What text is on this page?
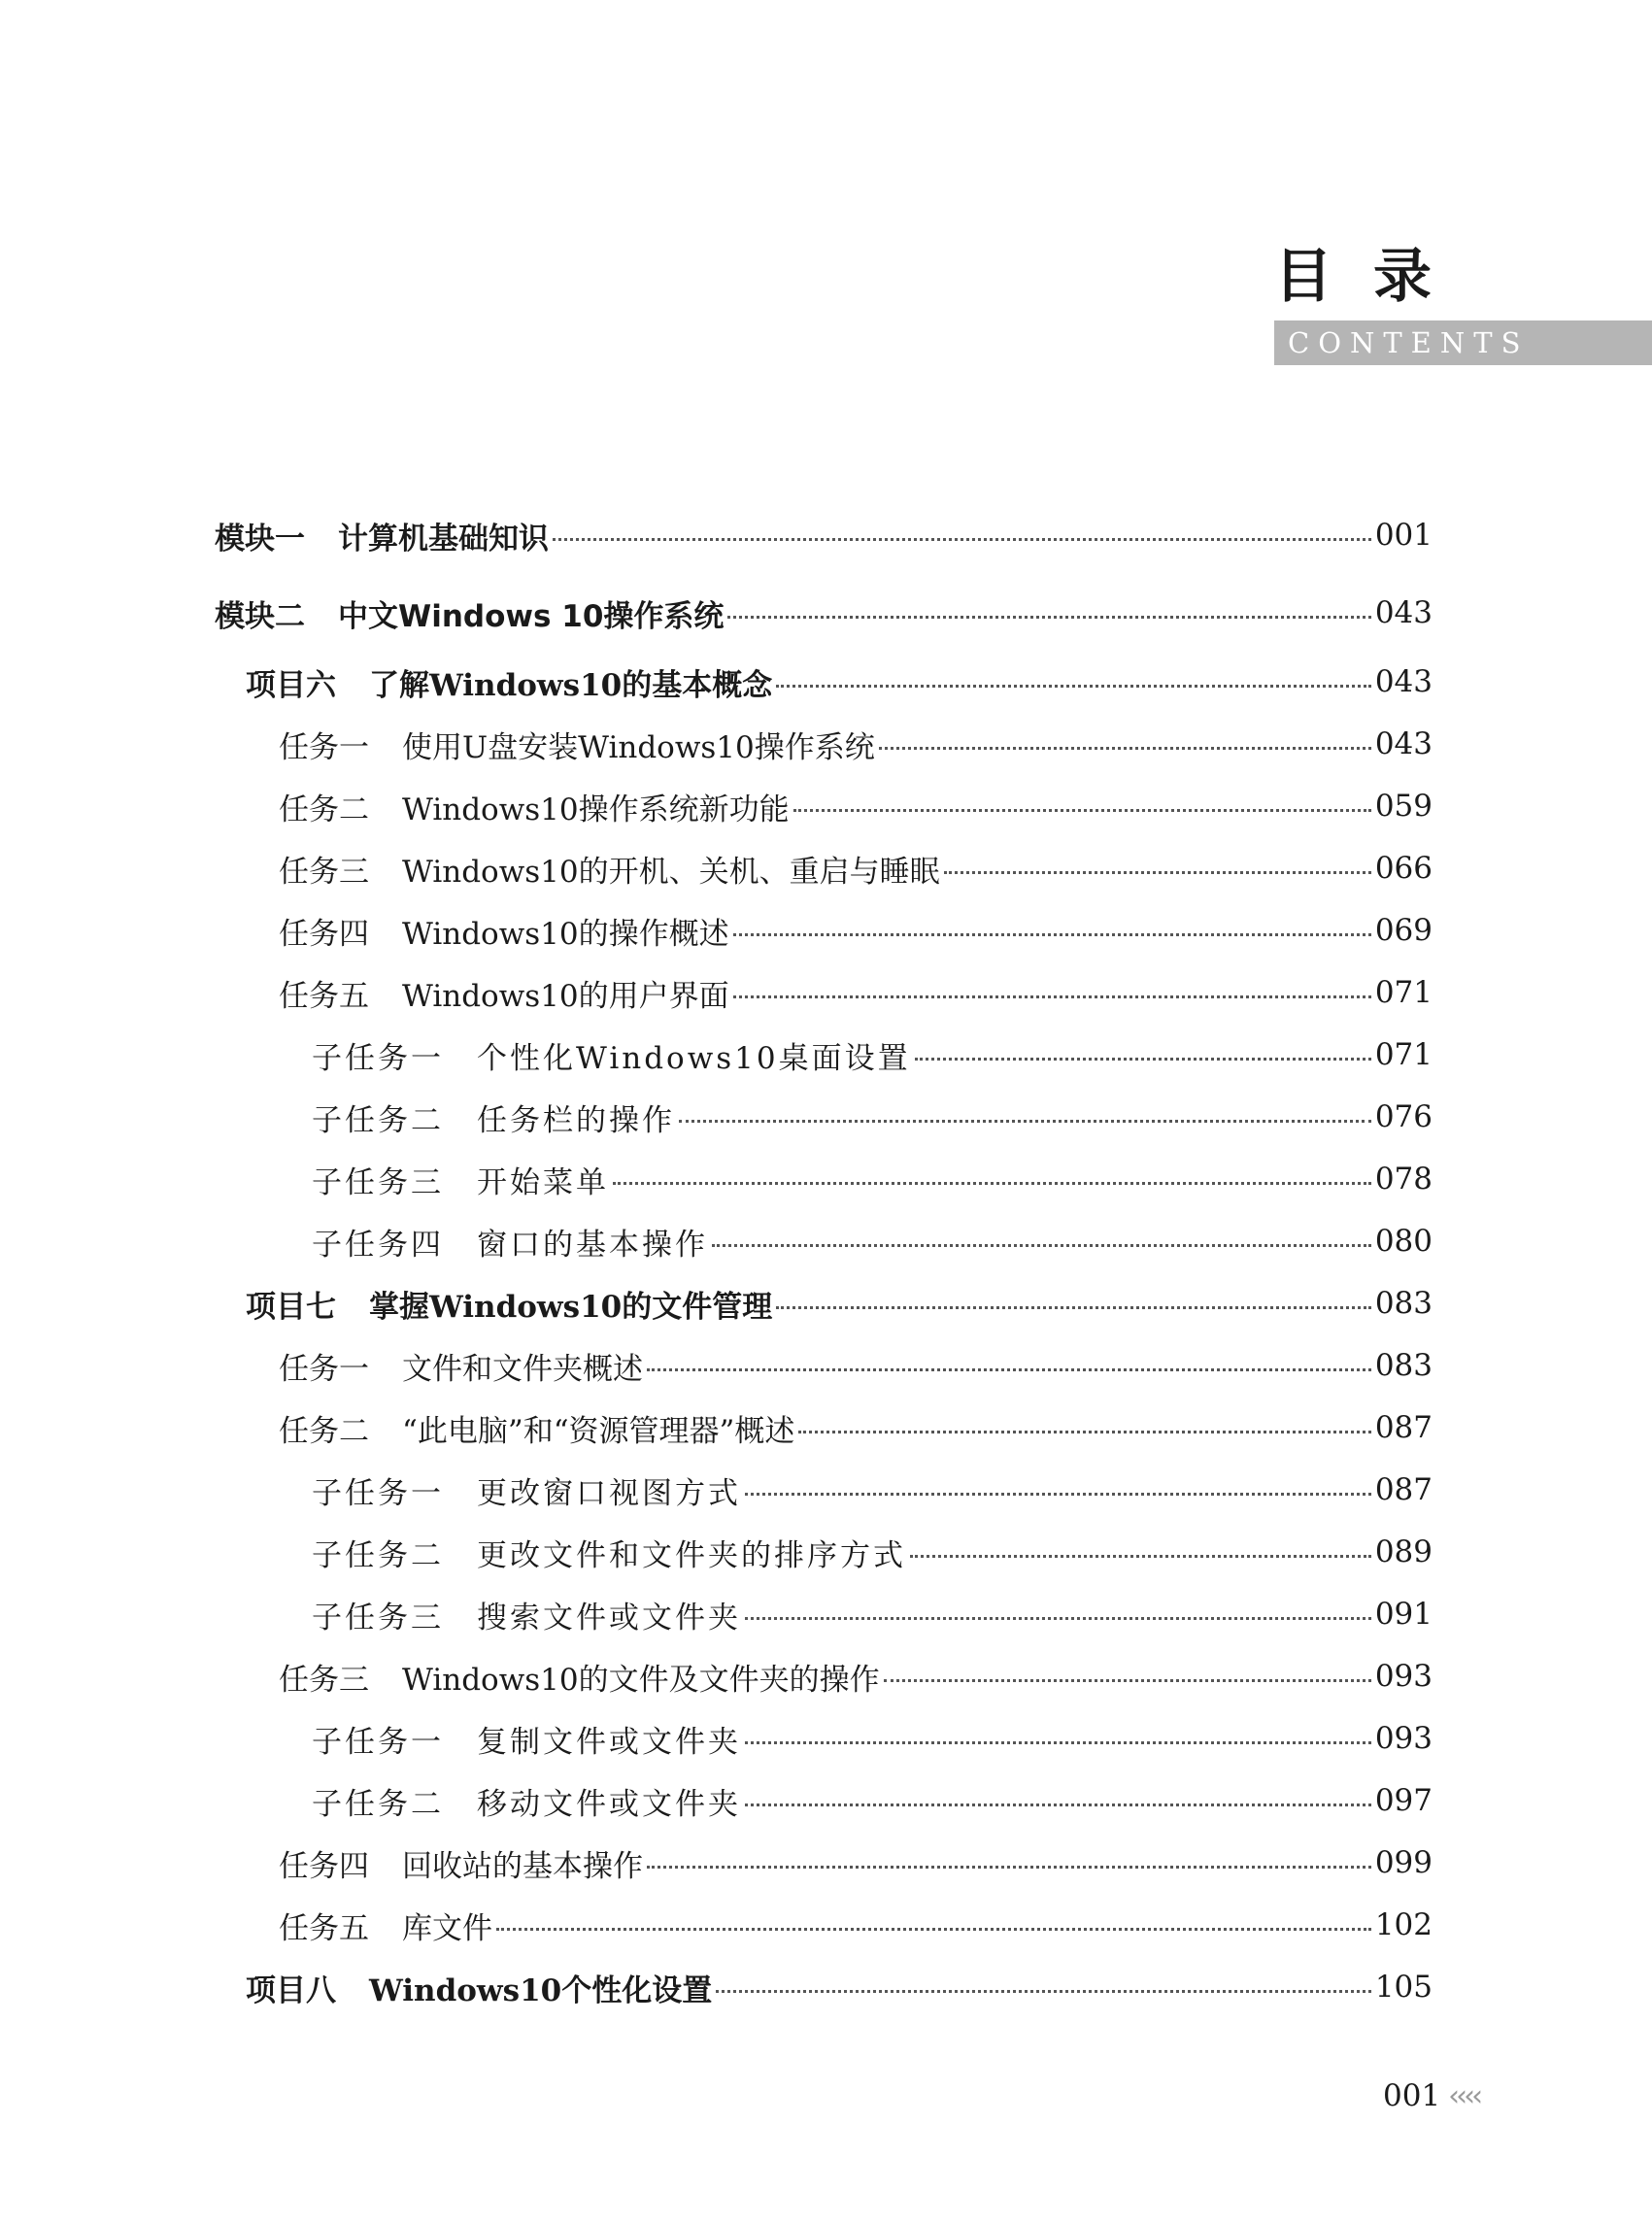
目录
CONTENTS
模块一 计算机基础知识	001
模块二 中文Windows 10操作系统	043
项目六 了解Windows10的基本概念	043
任务一 使用U盘安装Windows10操作系统	043
任务二 Windows10操作系统新功能	059
任务三 Windows10的开机、关机、重启与睡眠	066
任务四 Windows10的操作概述	069
任务五 Windows10的用户界面	071
子任务一 个性化Windows10桌面设置	071
子任务二 任务栏的操作	076
子任务三 开始菜单	078
子任务四 窗口的基本操作	080
项目七 掌握Windows10的文件管理	083
任务一 文件和文件夹概述	083
任务二 “此电脑”和“资源管理器”概述	087
子任务一 更改窗口视图方式	087
子任务二 更改文件和文件夹的排序方式	089
子任务三 搜索文件或文件夹	091
任务三 Windows10的文件及文件夹的操作	093
子任务一 复制文件或文件夹	093
子任务二 移动文件或文件夹	097
任务四 回收站的基本操作	099
任务五 库文件	102
项目八 Windows10个性化设置	105
001 ‹‹‹‹
